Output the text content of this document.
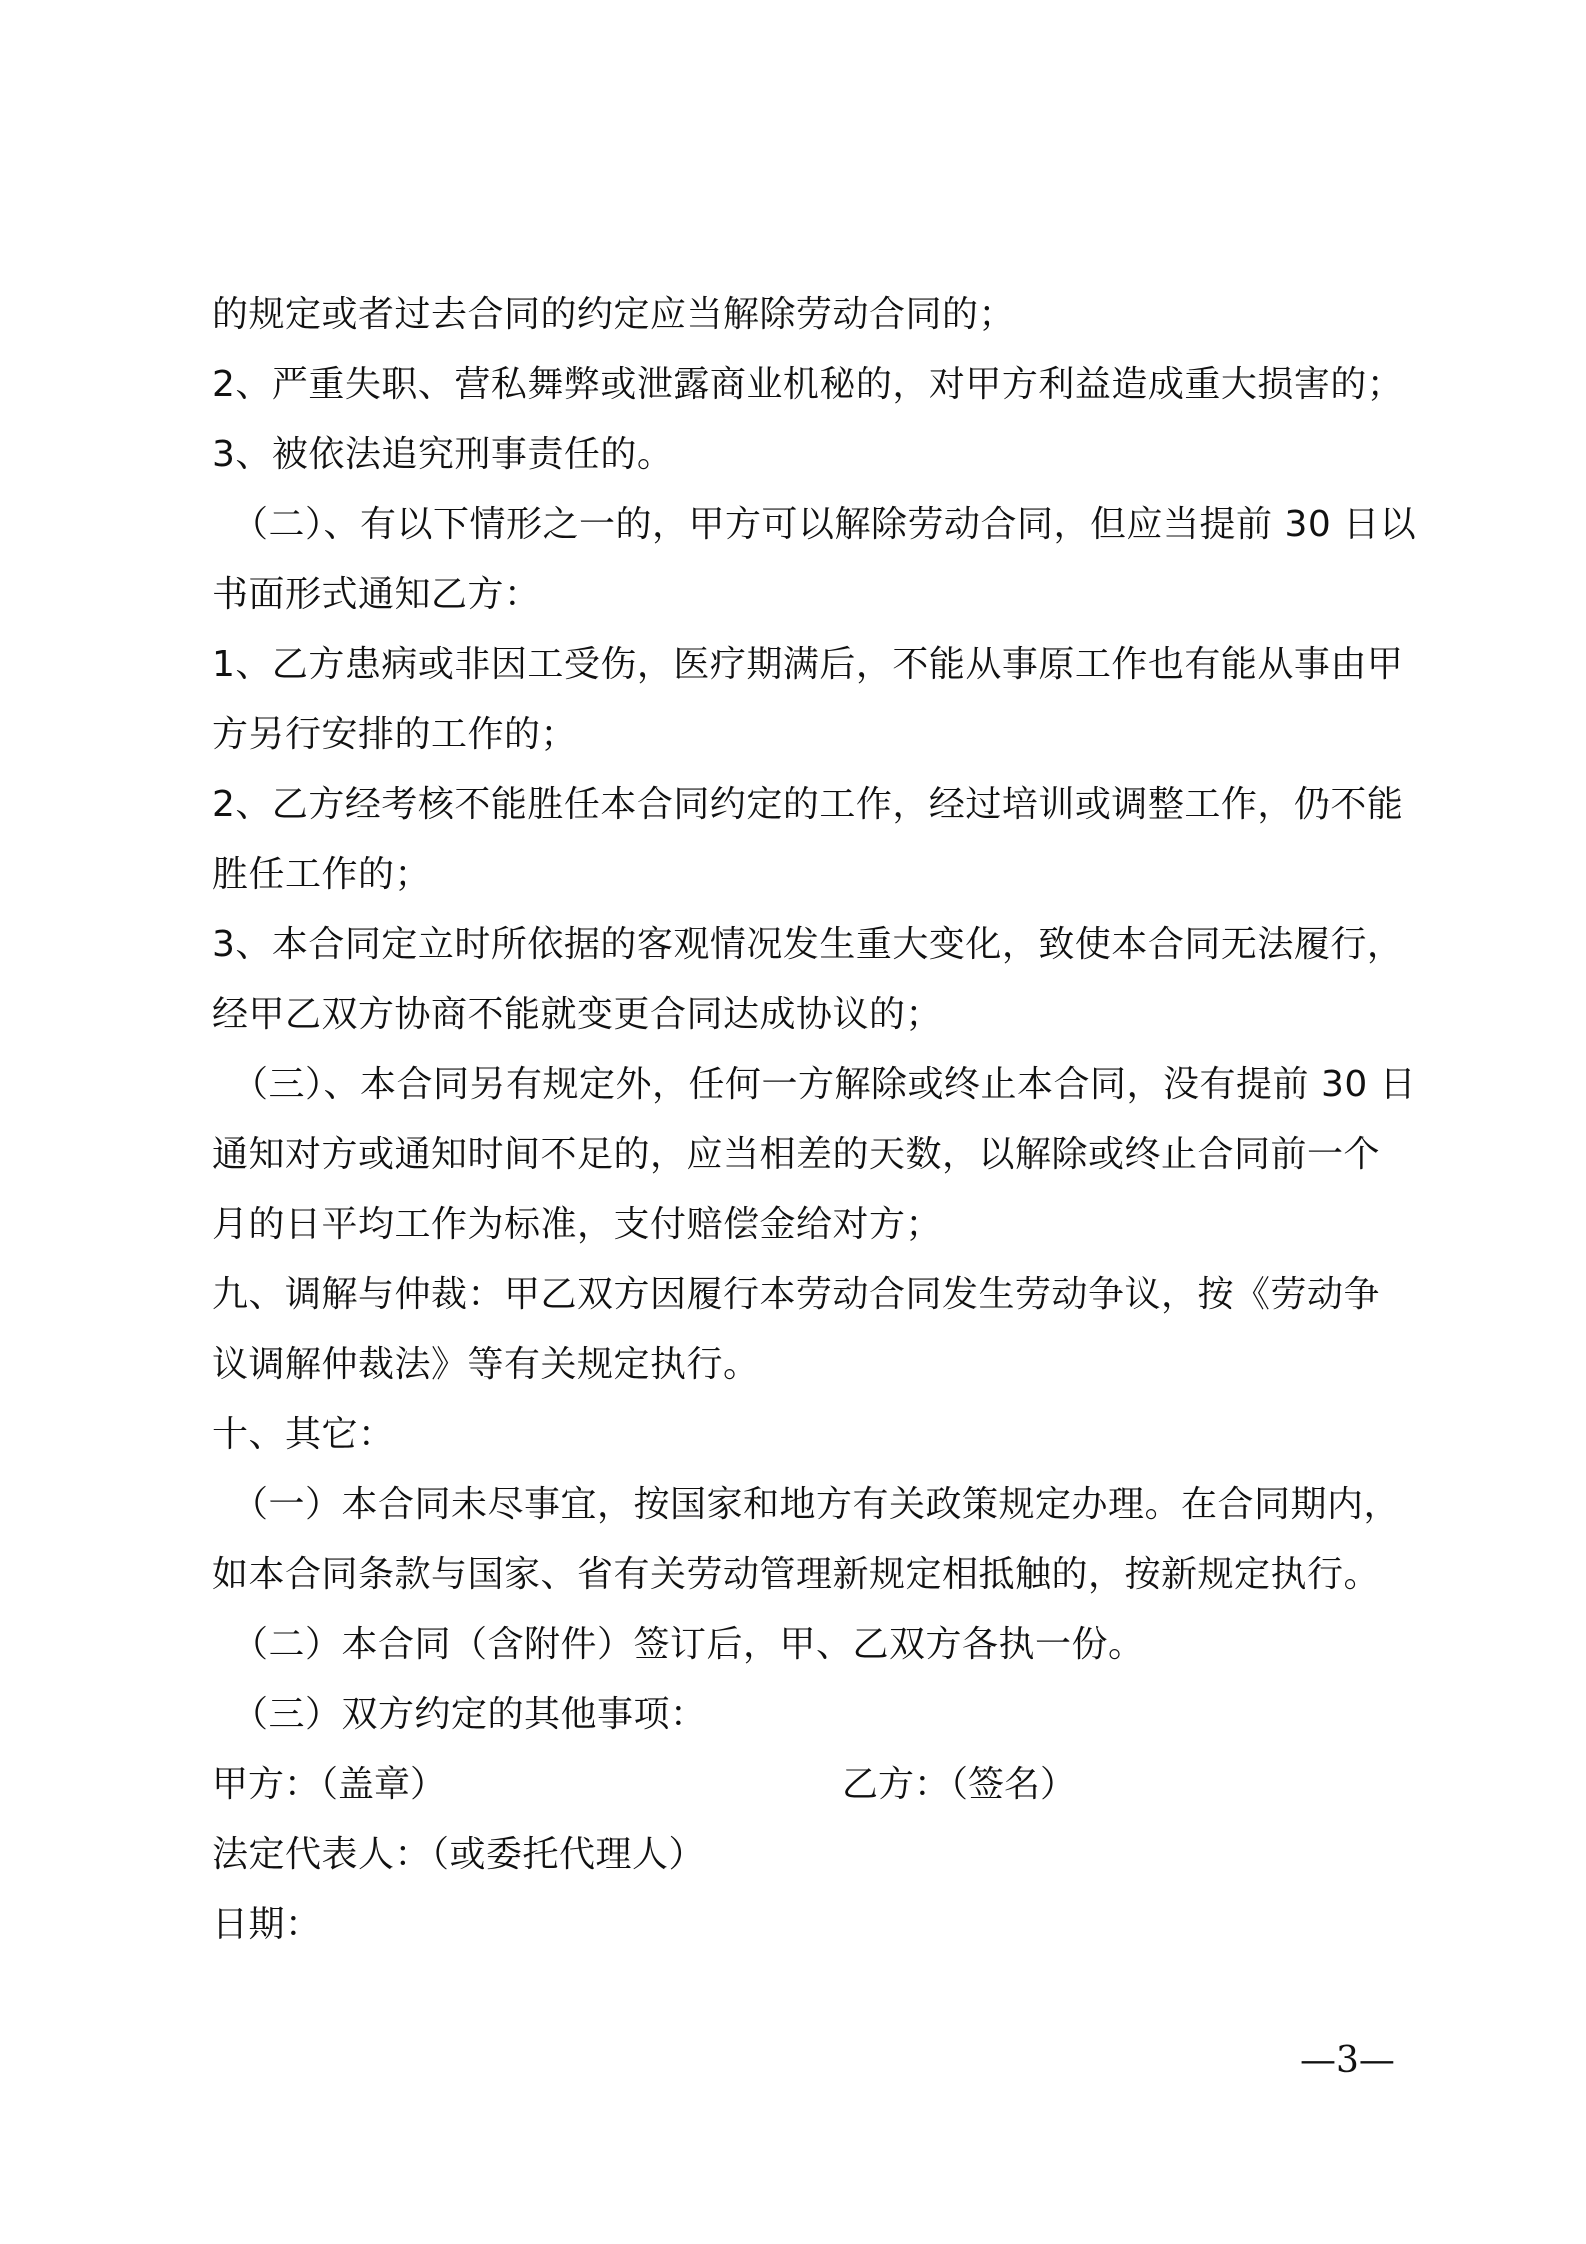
的规定或者过去合同的约定应当解除劳动合同的；
2、严重失职、营私舞弊或泄露商业机秘的，对甲方利益造成重大损害的；
3、被依法追究刑事责任的。
（二）、有以下情形之一的，甲方可以解除劳动合同，但应当提前 30 日以
书面形式通知乙方：
1、乙方患病或非因工受伤，医疗期满后，不能从事原工作也有能从事由甲
方另行安排的工作的；
2、乙方经考核不能胜任本合同约定的工作，经过培训或调整工作，仍不能
胜任工作的；
3、本合同定立时所依据的客观情况发生重大变化，致使本合同无法履行，
经甲乙双方协商不能就变更合同达成协议的；
（三）、本合同另有规定外，任何一方解除或终止本合同，没有提前 30 日
通知对方或通知时间不足的，应当相差的天数，以解除或终止合同前一个
月的日平均工作为标准，支付赔偿金给对方；
九、调解与仲裁：甲乙双方因履行本劳动合同发生劳动争议，按《劳动争
议调解仲裁法》等有关规定执行。
十、其它：
（一）本合同未尽事宜，按国家和地方有关政策规定办理。在合同期内，
如本合同条款与国家、省有关劳动管理新规定相抵触的，按新规定执行。
（二）本合同（含附件）签订后，甲、乙双方各执一份。
（三）双方约定的其他事项：
甲方：（盖章）	乙方：（签名）
法定代表人：（或委托代理人）
日期：
—3—
